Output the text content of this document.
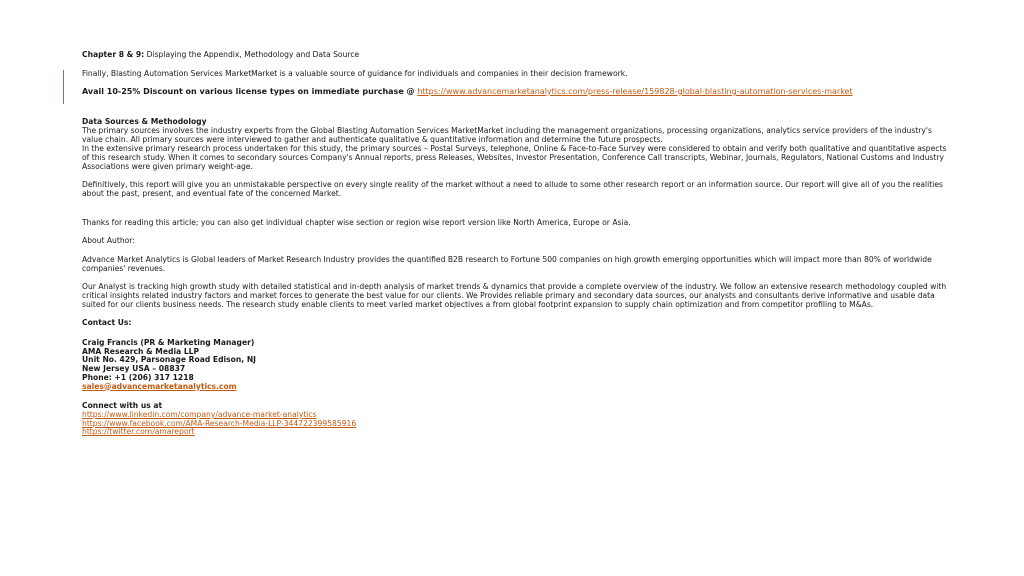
Chapter 8 & 9: Displaying the Appendix, Methodology and Data Source

Finally, Blasting Automation Services MarketMarket is a valuable source of guidance for individuals and companies in their decision framework.

Avail 10-25% Discount on various license types on immediate purchase @ https://www.advancemarketanalytics.com/press-release/159828-global-blasting-automation-services-market

Data Sources & Methodology

The primary sources involves the industry experts from the Global Blasting Automation Services MarketMarket including the management organizations, processing organizations, analytics service providers of the industry's value chain. All primary sources were interviewed to gather and authenticate qualitative & quantitative information and determine the future prospects.

In the extensive primary research process undertaken for this study, the primary sources – Postal Surveys, telephone, Online & Face-to-Face Survey were considered to obtain and verify both qualitative and quantitative aspects of this research study. When it comes to secondary sources Company's Annual reports, press Releases, Websites, Investor Presentation, Conference Call transcripts, Webinar, Journals, Regulators, National Customs and Industry Associations were given primary weight-age.

Definitively, this report will give you an unmistakable perspective on every single reality of the market without a need to allude to some other research report or an information source. Our report will give all of you the realities about the past, present, and eventual fate of the concerned Market.

Thanks for reading this article; you can also get individual chapter wise section or region wise report version like North America, Europe or Asia.

About Author:

Advance Market Analytics is Global leaders of Market Research Industry provides the quantified B2B research to Fortune 500 companies on high growth emerging opportunities which will impact more than 80% of worldwide companies' revenues.

Our Analyst is tracking high growth study with detailed statistical and in-depth analysis of market trends & dynamics that provide a complete overview of the industry. We follow an extensive research methodology coupled with critical insights related industry factors and market forces to generate the best value for our clients. We Provides reliable primary and secondary data sources, our analysts and consultants derive informative and usable data suited for our clients business needs. The research study enable clients to meet varied market objectives a from global footprint expansion to supply chain optimization and from competitor profiling to M&As.

Contact Us:

Craig Francis (PR & Marketing Manager)

AMA Research & Media LLP

Unit No. 429, Parsonage Road Edison, NJ

New Jersey USA – 08837

Phone: +1 (206) 317 1218

sales@advancemarketanalytics.com

Connect with us at

https://www.linkedin.com/company/advance-market-analytics

https://www.facebook.com/AMA-Research-Media-LLP-344722399585916

https://twitter.com/amareport
